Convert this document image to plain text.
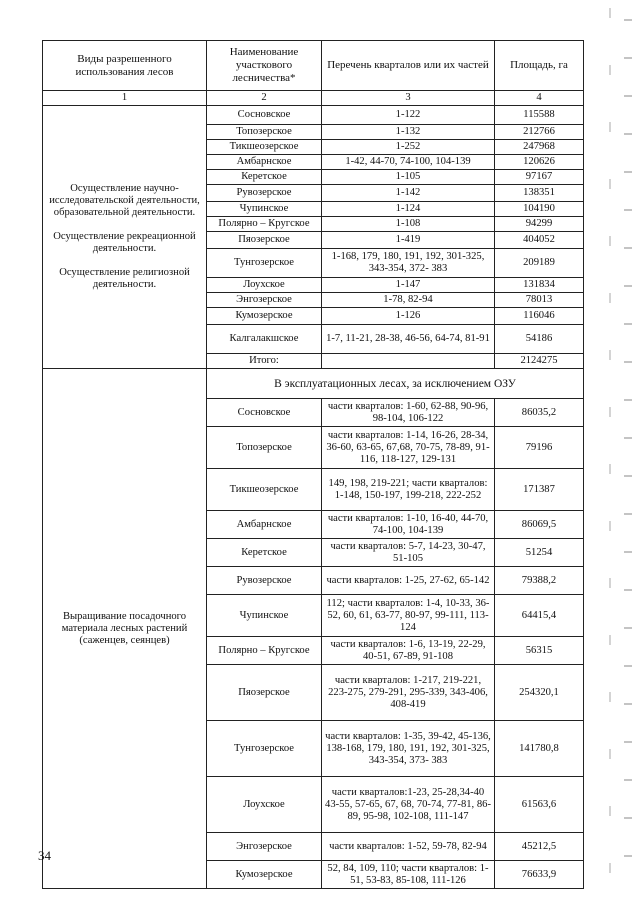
Виды разрешенного использования лесов	Наименование участкового лесничества*	Перечень кварталов или их частей	Площадь, га
1	2	3	4

Осуществление научно-исследовательской деятельности, образовательной деятельности.

Осуществление рекреационной деятельности.

Осуществление религиозной деятельности.	Сосновское	1-122	115588
	Топозерское	1-132	212766
	Тикшеозерское	1-252	247968
	Амбарнское	1-42, 44-70, 74-100, 104-139	120626
	Керетское	1-105	97167
	Рувозерское	1-142	138351
	Чупинское	1-124	104190
	Полярно – Кругское	1-108	94299
	Пяозерское	1-419	404052
	Тунгозерское	1-168, 179, 180, 191, 192, 301-325, 343-354, 372- 383	209189
	Лоухское	1-147	131834
	Энгозерское	1-78, 82-94	78013
	Кумозерское	1-126	116046
	Калгалакшское	1-7, 11-21, 28-38, 46-56, 64-74, 81-91	54186
	Итого:		2124275
Выращивание посадочного материала лесных растений (саженцев, сеянцев)	В эксплуатационных лесах, за исключением ОЗУ		
	Сосновское	части кварталов: 1-60, 62-88, 90-96, 98-104, 106-122	86035,2
	Топозерское	части кварталов: 1-14, 16-26, 28-34, 36-60, 63-65, 67,68, 70-75, 78-89, 91-116, 118-127, 129-131	79196
	Тикшеозерское	149, 198, 219-221; части кварталов: 1-148, 150-197, 199-218, 222-252	171387
	Амбарнское	части кварталов: 1-10, 16-40, 44-70, 74-100, 104-139	86069,5
	Керетское	части кварталов: 5-7, 14-23, 30-47, 51-105	51254
	Рувозерское	части кварталов: 1-25, 27-62, 65-142	79388,2
	Чупинское	112; части кварталов: 1-4, 10-33, 36-52, 60, 61, 63-77, 80-97, 99-111, 113-124	64415,4
	Полярно – Кругское	части кварталов: 1-6, 13-19, 22-29, 40-51, 67-89, 91-108	56315
	Пяозерское	части кварталов: 1-217, 219-221, 223-275, 279-291, 295-339, 343-406, 408-419	254320,1
	Тунгозерское	части кварталов: 1-35, 39-42, 45-136, 138-168, 179, 180, 191, 192, 301-325, 343-354, 373- 383	141780,8
	Лоухское	части кварталов:1-23, 25-28,34-40 43-55, 57-65, 67, 68, 70-74, 77-81, 86-89, 95-98, 102-108, 111-147	61563,6
	Энгозерское	части кварталов: 1-52, 59-78, 82-94	45212,5
	Кумозерское	52, 84, 109, 110; части кварталов: 1-51, 53-83, 85-108, 111-126	76633,9
34
